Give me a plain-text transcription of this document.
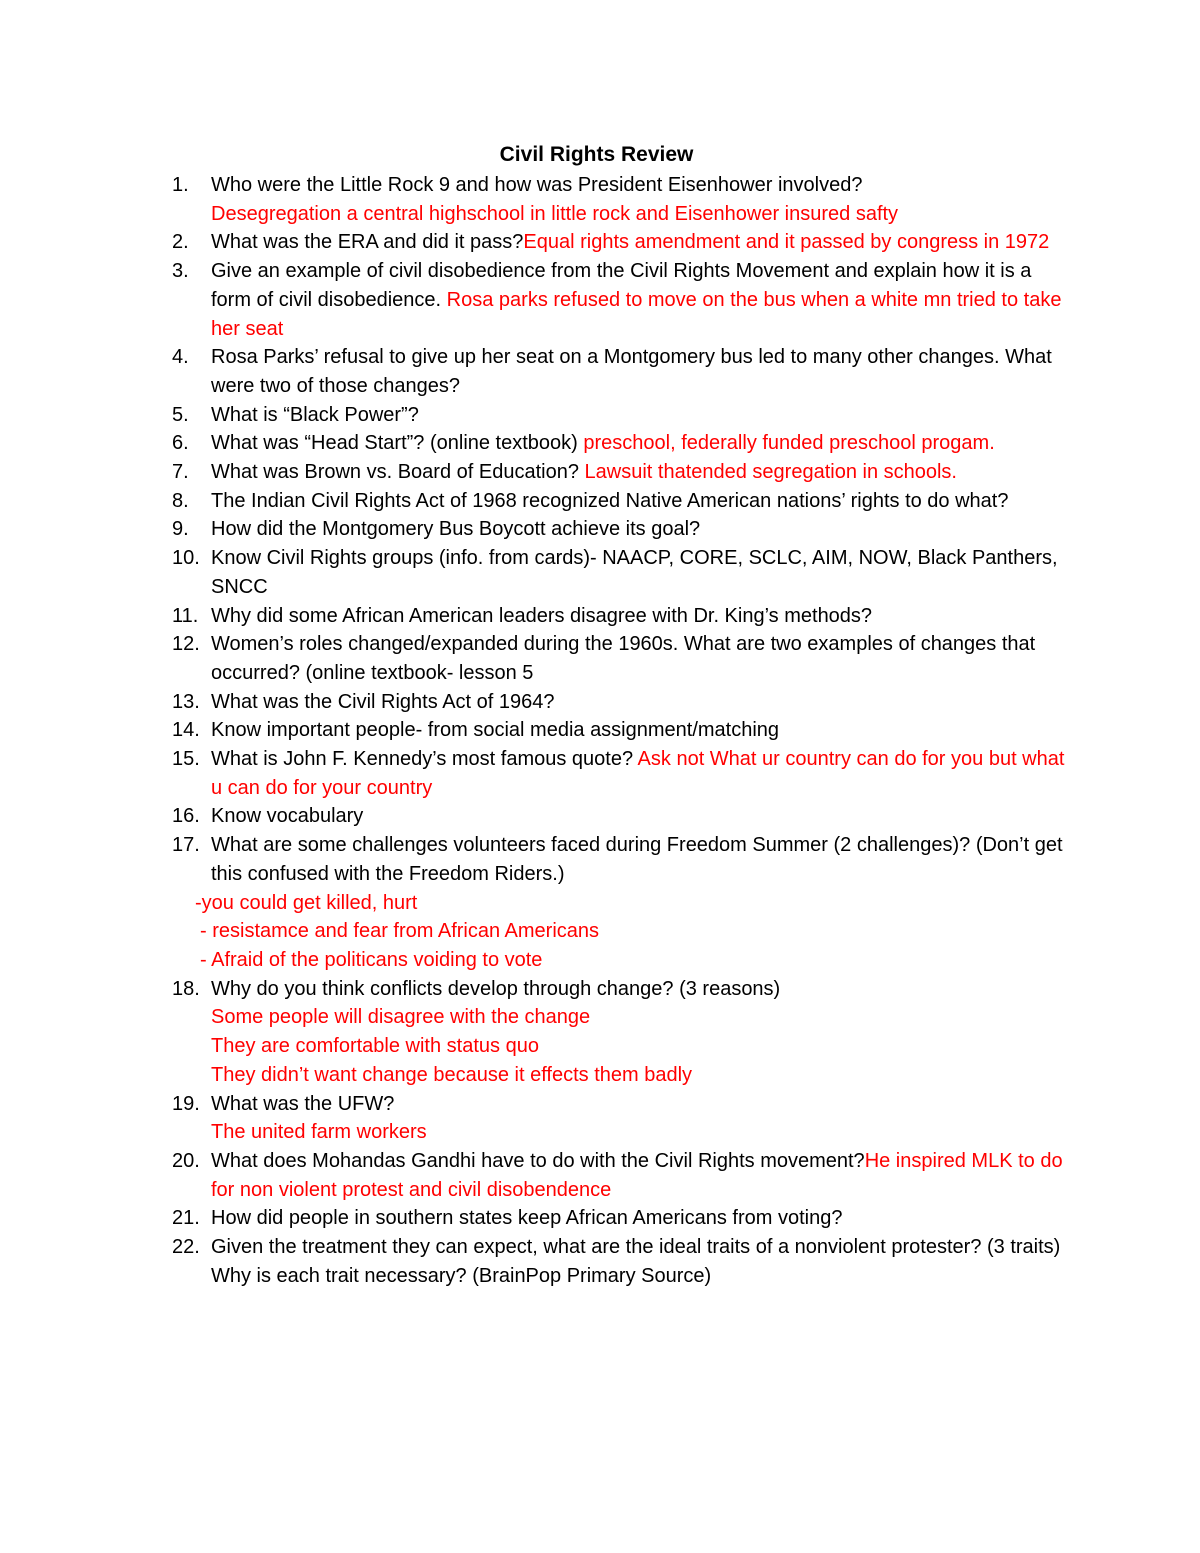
Civil Rights Review
1. Who were the Little Rock 9 and how was President Eisenhower involved?
Desegregation a central highschool in little rock and Eisenhower insured safty
2. What was the ERA and did it pass?Equal rights amendment and it passed by congress in 1972
3. Give an example of civil disobedience from the Civil Rights Movement and explain how it is a form of civil disobedience. Rosa parks refused to move on the bus when a white mn tried to take her seat
4. Rosa Parks’ refusal to give up her seat on a Montgomery bus led to many other changes. What were two of those changes?
5. What is “Black Power”?
6. What was “Head Start”? (online textbook) preschool, federally funded preschool progam.
7. What was Brown vs. Board of Education? Lawsuit thatended segregation in schools.
8. The Indian Civil Rights Act of 1968 recognized Native American nations’ rights to do what?
9. How did the Montgomery Bus Boycott achieve its goal?
10. Know Civil Rights groups (info. from cards)- NAACP, CORE, SCLC, AIM, NOW, Black Panthers, SNCC
11. Why did some African American leaders disagree with Dr. King’s methods?
12. Women’s roles changed/expanded during the 1960s. What are two examples of changes that occurred? (online textbook- lesson 5
13. What was the Civil Rights Act of 1964?
14. Know important people- from social media assignment/matching
15. What is John F. Kennedy’s most famous quote? Ask not What ur country can do for you but what u can do for your country
16. Know vocabulary
17. What are some challenges volunteers faced during Freedom Summer (2 challenges)? (Don’t get this confused with the Freedom Riders.)
-you could get killed, hurt
- resistamce and fear from African Americans
- Afraid of the politicans voiding to vote
18. Why do you think conflicts develop through change? (3 reasons)
Some people will disagree with the change
They are comfortable with status quo
They didn’t want change because it effects them badly
19. What was the UFW?
The united farm workers
20. What does Mohandas Gandhi have to do with the Civil Rights movement?He inspired MLK to do for non violent protest and civil disobendence
21. How did people in southern states keep African Americans from voting?
22. Given the treatment they can expect, what are the ideal traits of a nonviolent protester? (3 traits) Why is each trait necessary? (BrainPop Primary Source)
